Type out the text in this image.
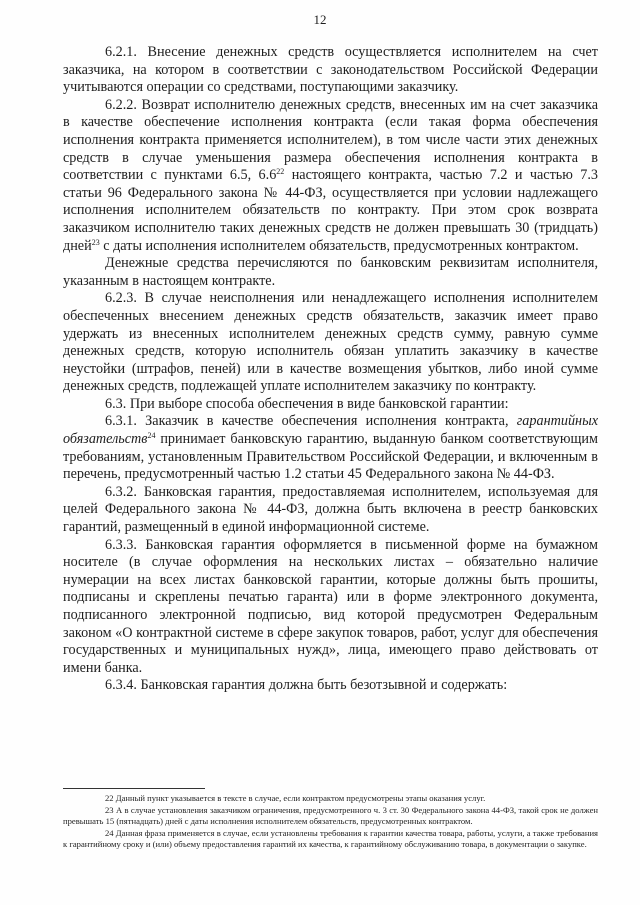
12

6.2.1. Внесение денежных средств осуществляется исполнителем на счет заказчика, на котором в соответствии с законодательством Российской Федерации учитываются операции со средствами, поступающими заказчику.

6.2.2. Возврат исполнителю денежных средств, внесенных им на счет заказчика в качестве обеспечение исполнения контракта (если такая форма обеспечения исполнения контракта применяется исполнителем), в том числе части этих денежных средств в случае уменьшения размера обеспечения исполнения контракта в соответствии с пунктами 6.5, $6.6^{22}$ настоящего контракта, частью 7.2 и частью 7.3 статьи 96 Федерального закона № 44-ФЗ, осуществляется при условии надлежащего исполнения исполнителем обязательств по контракту. При этом срок возврата заказчиком исполнителю таких денежных средств не должен превышать 30 (тридцать) дней$^{23}$ с даты исполнения исполнителем обязательств, предусмотренных контрактом.

Денежные средства перечисляются по банковским реквизитам исполнителя, указанным в настоящем контракте.

6.2.3. В случае неисполнения или ненадлежащего исполнения исполнителем обеспеченных внесением денежных средств обязательств, заказчик имеет право удержать из внесенных исполнителем денежных средств сумму, равную сумме денежных средств, которую исполнитель обязан уплатить заказчику в качестве неустойки (штрафов, пеней) или в качестве возмещения убытков, либо иной сумме денежных средств, подлежащей уплате исполнителем заказчику по контракту.

6.3. При выборе способа обеспечения в виде банковской гарантии:

6.3.1. Заказчик в качестве обеспечения исполнения контракта, гарантийных обязательств$^{24}$ принимает банковскую гарантию, выданную банком соответствующим требованиям, установленным Правительством Российской Федерации, и включенным в перечень, предусмотренный частью 1.2 статьи 45 Федерального закона № 44-ФЗ.

6.3.2. Банковская гарантия, предоставляемая исполнителем, используемая для целей Федерального закона № 44-ФЗ, должна быть включена в реестр банковских гарантий, размещенный в единой информационной системе.

6.3.3. Банковская гарантия оформляется в письменной форме на бумажном носителе (в случае оформления на нескольких листах – обязательно наличие нумерации на всех листах банковской гарантии, которые должны быть прошиты, подписаны и скреплены печатью гаранта) или в форме электронного документа, подписанного электронной подписью, вид которой предусмотрен Федеральным законом «О контрактной системе в сфере закупок товаров, работ, услуг для обеспечения государственных и муниципальных нужд», лица, имеющего право действовать от имени банка.

6.3.4. Банковская гарантия должна быть безотзывной и содержать:

22 Данный пункт указывается в тексте в случае, если контрактом предусмотрены этапы оказания услуг.

23 А в случае установления заказчиком ограничения, предусмотренного ч. 3 ст. 30 Федерального закона 44-ФЗ, такой срок не должен превышать 15 (пятнадцать) дней с даты исполнения исполнителем обязательств, предусмотренных контрактом.

24 Данная фраза применяется в случае, если установлены требования к гарантии качества товара, работы, услуги, а также требования к гарантийному сроку и (или) объему предоставления гарантий их качества, к гарантийному обслуживанию товара, в документации о закупке.
